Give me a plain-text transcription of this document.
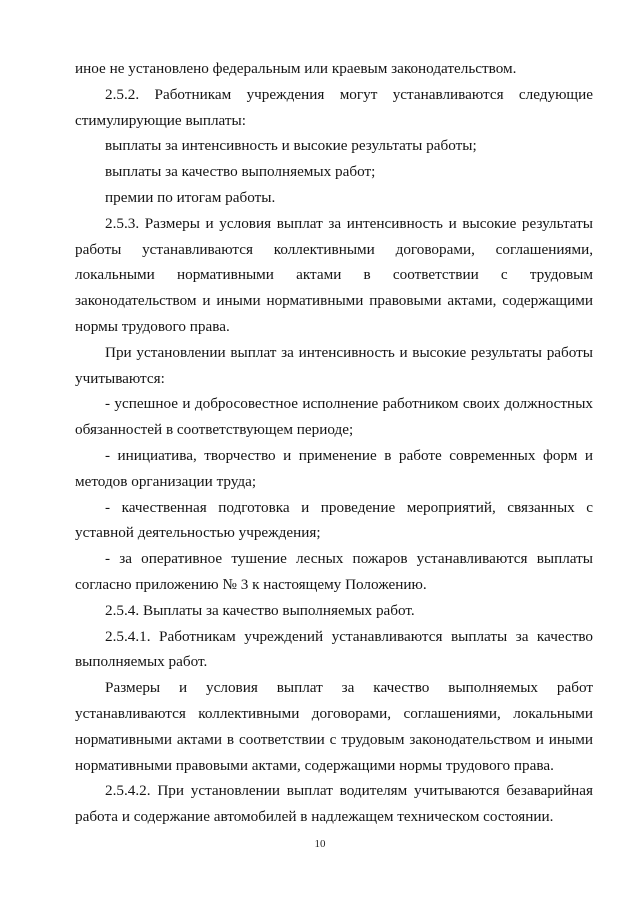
иное не установлено федеральным или краевым законодательством.

2.5.2. Работникам учреждения могут устанавливаются следующие стимулирующие выплаты:

выплаты за интенсивность и высокие результаты работы;

выплаты за качество выполняемых работ;

премии по итогам работы.

2.5.3. Размеры и условия выплат за интенсивность и высокие результаты работы устанавливаются коллективными договорами, соглашениями, локальными нормативными актами в соответствии с трудовым законодательством и иными нормативными правовыми актами, содержащими нормы трудового права.

При установлении выплат за интенсивность и высокие результаты работы учитываются:

- успешное и добросовестное исполнение работником своих должностных обязанностей в соответствующем периоде;

- инициатива, творчество и применение в работе современных форм и методов организации труда;

- качественная подготовка и проведение мероприятий, связанных с уставной деятельностью учреждения;

- за оперативное тушение лесных пожаров устанавливаются выплаты согласно приложению № 3 к настоящему Положению.

2.5.4. Выплаты за качество выполняемых работ.

2.5.4.1. Работникам учреждений устанавливаются выплаты за качество выполняемых работ.

Размеры и условия выплат за качество выполняемых работ устанавливаются коллективными договорами, соглашениями, локальными нормативными актами в соответствии с трудовым законодательством и иными нормативными правовыми актами, содержащими нормы трудового права.

2.5.4.2. При установлении выплат водителям учитываются безаварийная работа и содержание автомобилей в надлежащем техническом состоянии.

10
